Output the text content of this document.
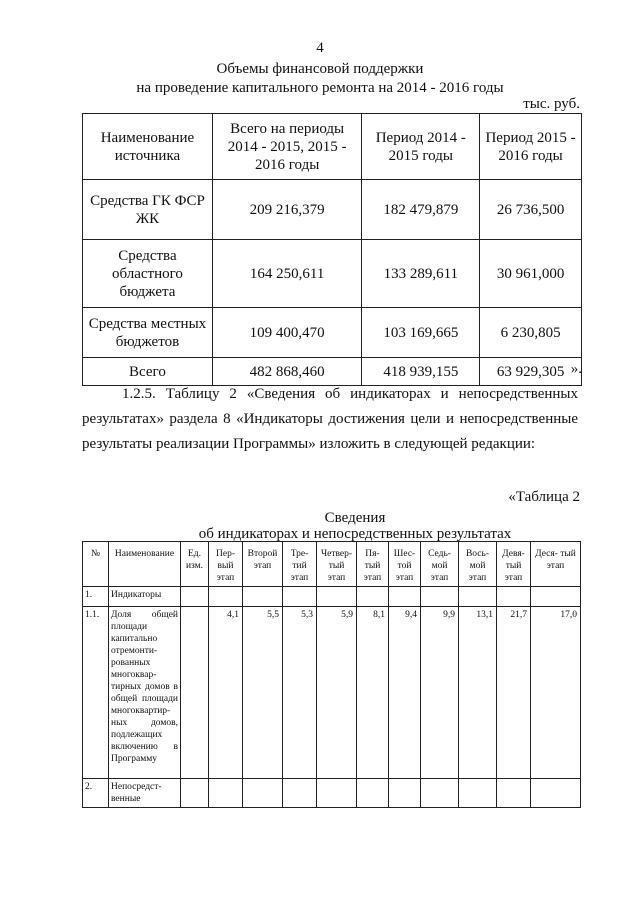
4
Объемы финансовой поддержки
на проведение капитального ремонта на 2014 - 2016 годы
тыс. руб.
Наименование источника	Всего на периоды 2014 - 2015, 2015 - 2016 годы	Период 2014 - 2015 годы	Период 2015 - 2016 годы
Средства ГК ФСР ЖК	209 216,379	182 479,879	26 736,500
Средства областного бюджета	164 250,611	133 289,611	30 961,000
Средства местных бюджетов	109 400,470	103 169,665	6 230,805
Всего	482 868,460	418 939,155	63 929,305 ».
1.2.5. Таблицу 2 «Сведения об индикаторах и непосредственных результатах» раздела 8 «Индикаторы достижения цели и непосредственные результаты реализации Программы» изложить в следующей редакции:
«Таблица 2
Сведения
об индикаторах и непосредственных результатах
№	Наименование	Ед. изм.	Пер- вый этап	Второй этап	Тре- тий этап	Четвер- тый этап	Пя- тый этап	Шес- той этап	Седь- мой этап	Вось- мой этап	Девя- тый этап	Деся- тый этап
1.	Индикаторы											
1.1.	Доля общей площади капитально отремонти- рованных многоквар- тирных домов в общей площади многоквартир- ных домов, подлежащих включению в Программу		4,1	5,5	5,3	5,9	8,1	9,4	9,9	13,1	21,7	17,0
2.	Непосредст- венные											
